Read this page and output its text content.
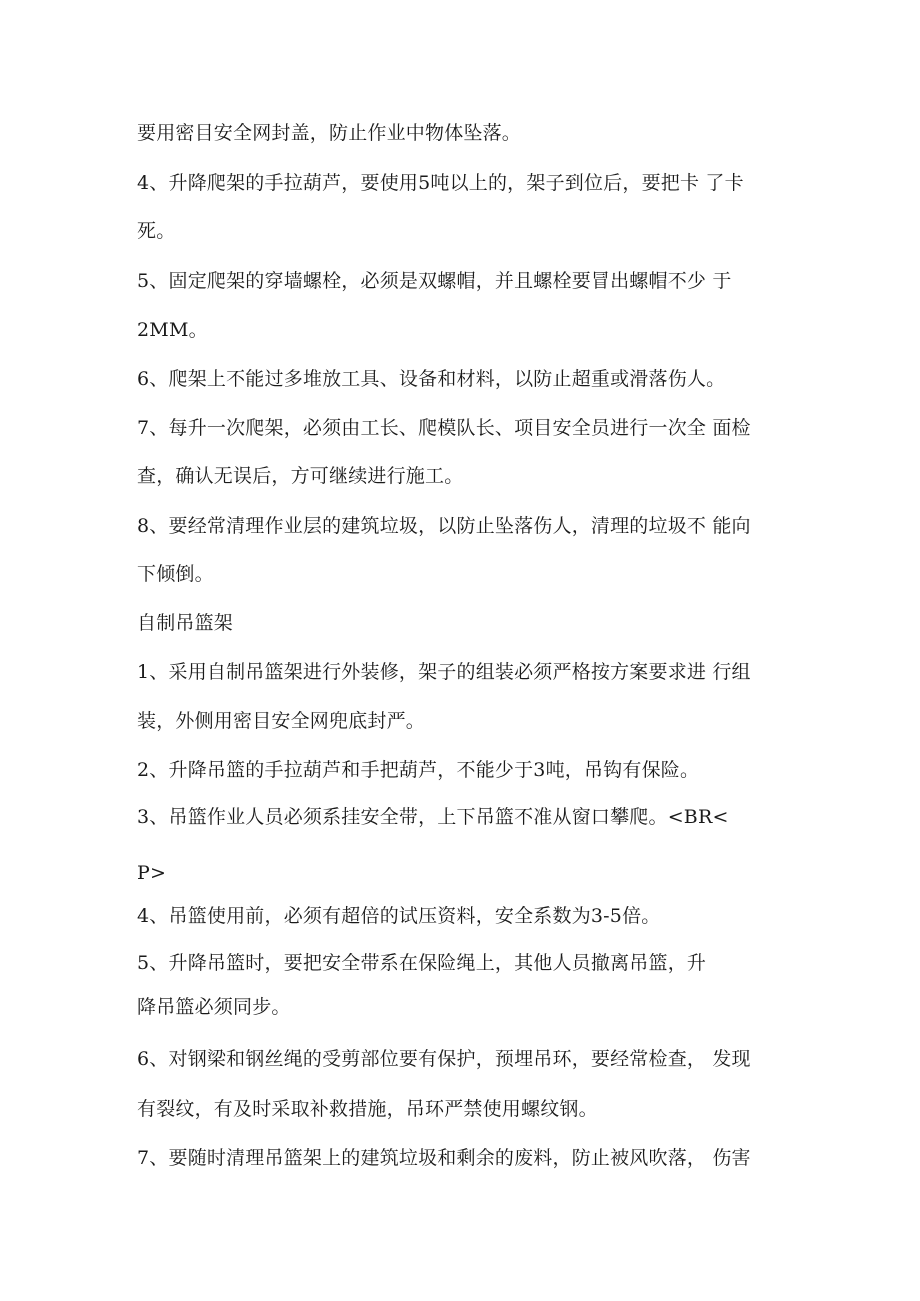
要用密目安全网封盖，防止作业中物体坠落。

4、升降爬架的手拉葫芦，要使用5吨以上的，架子到位后，要把卡 了卡

死。

5、固定爬架的穿墙螺栓，必须是双螺帽，并且螺栓要冒出螺帽不少 于

2MM。

6、爬架上不能过多堆放工具、设备和材料，以防止超重或滑落伤人。

7、每升一次爬架，必须由工长、爬模队长、项目安全员进行一次全 面检

查，确认无误后，方可继续进行施工。

8、要经常清理作业层的建筑垃圾，以防止坠落伤人，清理的垃圾不 能向

下倾倒。

自制吊篮架

1、采用自制吊篮架进行外装修，架子的组装必须严格按方案要求进 行组

装，外侧用密目安全网兜底封严。

2、升降吊篮的手拉葫芦和手把葫芦，不能少于3吨，吊钩有保险。

3、吊篮作业人员必须系挂安全带，上下吊篮不准从窗口攀爬。<BR<

P>

4、吊篮使用前，必须有超倍的试压资料，安全系数为3-5倍。

5、升降吊篮时，要把安全带系在保险绳上，其他人员撤离吊篮，升

降吊篮必须同步。

6、对钢梁和钢丝绳的受剪部位要有保护，预埋吊环，要经常检查， 发现

有裂纹，有及时采取补救措施，吊环严禁使用螺纹钢。

7、要随时清理吊篮架上的建筑垃圾和剩余的废料，防止被风吹落， 伤害
